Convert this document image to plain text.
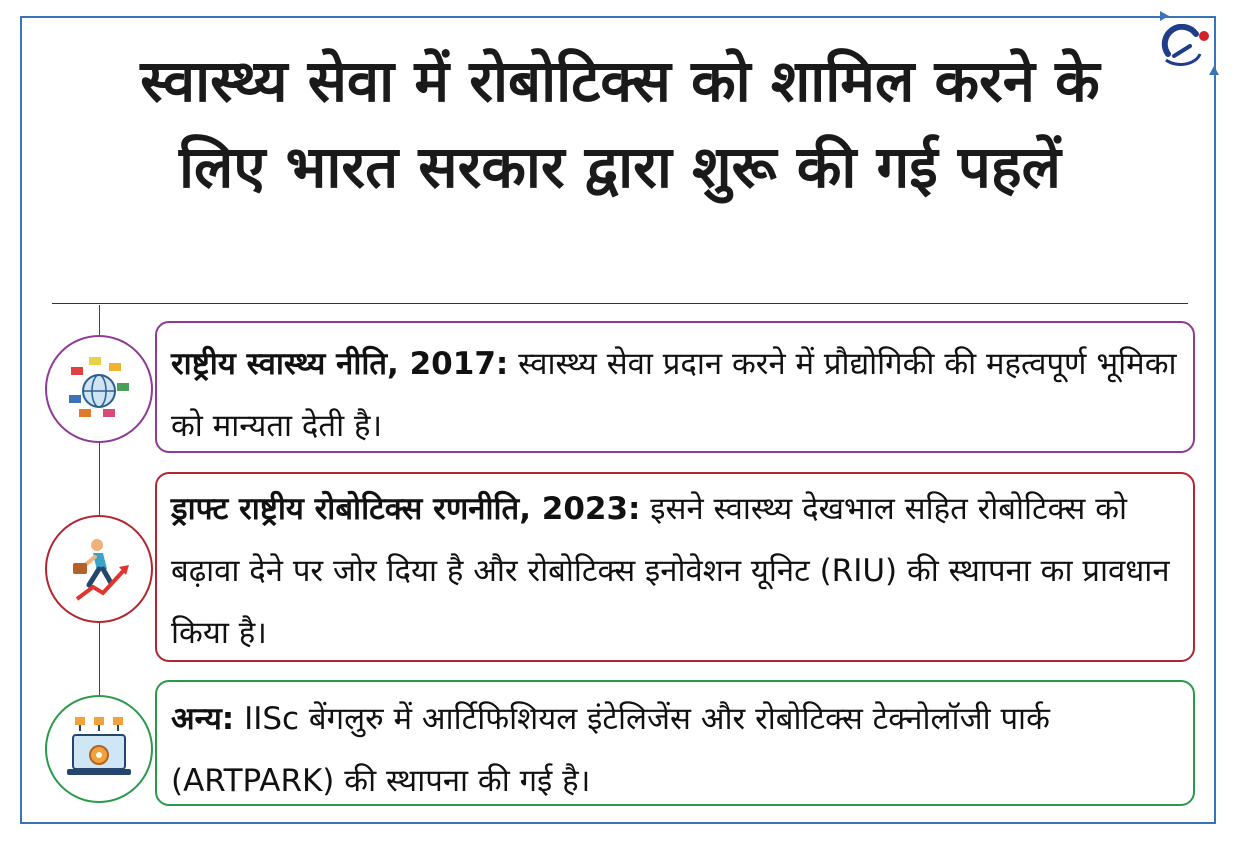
स्वास्थ्य सेवा में रोबोटिक्स को शामिल करने के लिए भारत सरकार द्वारा शुरू की गई पहलें
राष्ट्रीय स्वास्थ्य नीति, 2017: स्वास्थ्य सेवा प्रदान करने में प्रौद्योगिकी की महत्वपूर्ण भूमिका को मान्यता देती है।
ड्राफ्ट राष्ट्रीय रोबोटिक्स रणनीति, 2023: इसने स्वास्थ्य देखभाल सहित रोबोटिक्स को बढ़ावा देने पर जोर दिया है और रोबोटिक्स इनोवेशन यूनिट (RIU) की स्थापना का प्रावधान किया है।
अन्य: IISc बेंगलुरु में आर्टिफिशियल इंटेलिजेंस और रोबोटिक्स टेक्नोलॉजी पार्क (ARTPARK) की स्थापना की गई है।
